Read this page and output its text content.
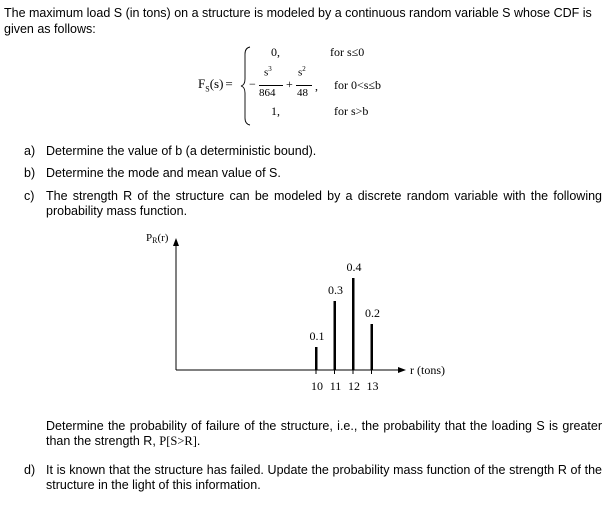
The maximum load S (in tons) on a structure is modeled by a continuous random variable S whose CDF is given as follows:
$F_S(s)$ =
0,	for s≤0
−
$s^3$
864
+
$s^2$
48 , for 0<s≤b
1,	for s>b
a) Determine the value of b (a deterministic bound).
b) Determine the mode and mean value of S.
c) The strength R of the structure can be modeled by a discrete random variable with the following probability mass function.
PR(r)
r (tons)
0.1
10
0.3
11
0.4
12
0.2
13
Determine the probability of failure of the structure, i.e., the probability that the loading S is greater than the strength R, P[S>R].
d) It is known that the structure has failed. Update the probability mass function of the strength R of the structure in the light of this information.
